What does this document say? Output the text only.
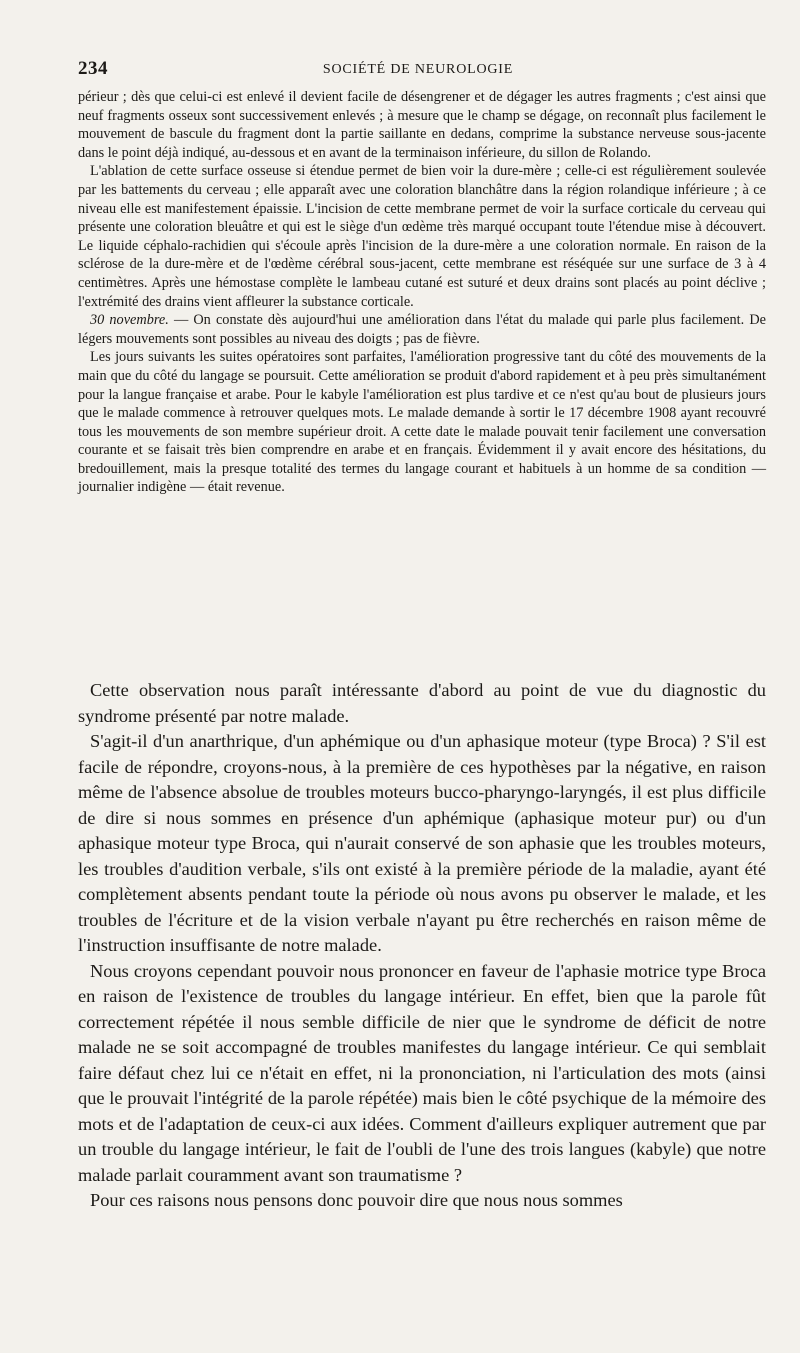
234	SOCIÉTÉ DE NEUROLOGIE

périeur ; dès que celui-ci est enlevé il devient facile de désengrener et de dégager les autres fragments ; c'est ainsi que neuf fragments osseux sont successivement enlevés ; à mesure que le champ se dégage, on reconnaît plus facilement le mouvement de bascule du fragment dont la partie saillante en dedans, comprime la substance nerveuse sous-jacente dans le point déjà indiqué, au-dessous et en avant de la terminaison inférieure, du sillon de Rolando.

L'ablation de cette surface osseuse si étendue permet de bien voir la dure-mère ; celle-ci est régulièrement soulevée par les battements du cerveau ; elle apparaît avec une coloration blanchâtre dans la région rolandique inférieure ; à ce niveau elle est manifestement épaissie. L'incision de cette membrane permet de voir la surface corticale du cerveau qui présente une coloration bleuâtre et qui est le siège d'un œdème très marqué occupant toute l'étendue mise à découvert. Le liquide céphalo-rachidien qui s'écoule après l'incision de la dure-mère a une coloration normale. En raison de la sclérose de la dure-mère et de l'œdème cérébral sous-jacent, cette membrane est réséquée sur une surface de 3 à 4 centimètres. Après une hémostase complète le lambeau cutané est suturé et deux drains sont placés au point déclive ; l'extrémité des drains vient affleurer la substance corticale.

30 novembre. — On constate dès aujourd'hui une amélioration dans l'état du malade qui parle plus facilement. De légers mouvements sont possibles au niveau des doigts ; pas de fièvre.

Les jours suivants les suites opératoires sont parfaites, l'amélioration progressive tant du côté des mouvements de la main que du côté du langage se poursuit. Cette amélioration se produit d'abord rapidement et à peu près simultanément pour la langue française et arabe. Pour le kabyle l'amélioration est plus tardive et ce n'est qu'au bout de plusieurs jours que le malade commence à retrouver quelques mots. Le malade demande à sortir le 17 décembre 1908 ayant recouvré tous les mouvements de son membre supérieur droit. A cette date le malade pouvait tenir facilement une conversation courante et se faisait très bien comprendre en arabe et en français. Évidemment il y avait encore des hésitations, du bredouillement, mais la presque totalité des termes du langage courant et habituels à un homme de sa condition — journalier indigène — était revenue.

Cette observation nous paraît intéressante d'abord au point de vue du diagnostic du syndrome présenté par notre malade.

S'agit-il d'un anarthrique, d'un aphémique ou d'un aphasique moteur (type Broca) ? S'il est facile de répondre, croyons-nous, à la première de ces hypothèses par la négative, en raison même de l'absence absolue de troubles moteurs bucco-pharyngo-laryngés, il est plus difficile de dire si nous sommes en présence d'un aphémique (aphasique moteur pur) ou d'un aphasique moteur type Broca, qui n'aurait conservé de son aphasie que les troubles moteurs, les troubles d'audition verbale, s'ils ont existé à la première période de la maladie, ayant été complètement absents pendant toute la période où nous avons pu observer le malade, et les troubles de l'écriture et de la vision verbale n'ayant pu être recherchés en raison même de l'instruction insuffisante de notre malade.

Nous croyons cependant pouvoir nous prononcer en faveur de l'aphasie motrice type Broca en raison de l'existence de troubles du langage intérieur. En effet, bien que la parole fût correctement répétée il nous semble difficile de nier que le syndrome de déficit de notre malade ne se soit accompagné de troubles manifestes du langage intérieur. Ce qui semblait faire défaut chez lui ce n'était en effet, ni la prononciation, ni l'articulation des mots (ainsi que le prouvait l'intégrité de la parole répétée) mais bien le côté psychique de la mémoire des mots et de l'adaptation de ceux-ci aux idées. Comment d'ailleurs expliquer autrement que par un trouble du langage intérieur, le fait de l'oubli de l'une des trois langues (kabyle) que notre malade parlait couramment avant son traumatisme ?

Pour ces raisons nous pensons donc pouvoir dire que nous nous sommes
